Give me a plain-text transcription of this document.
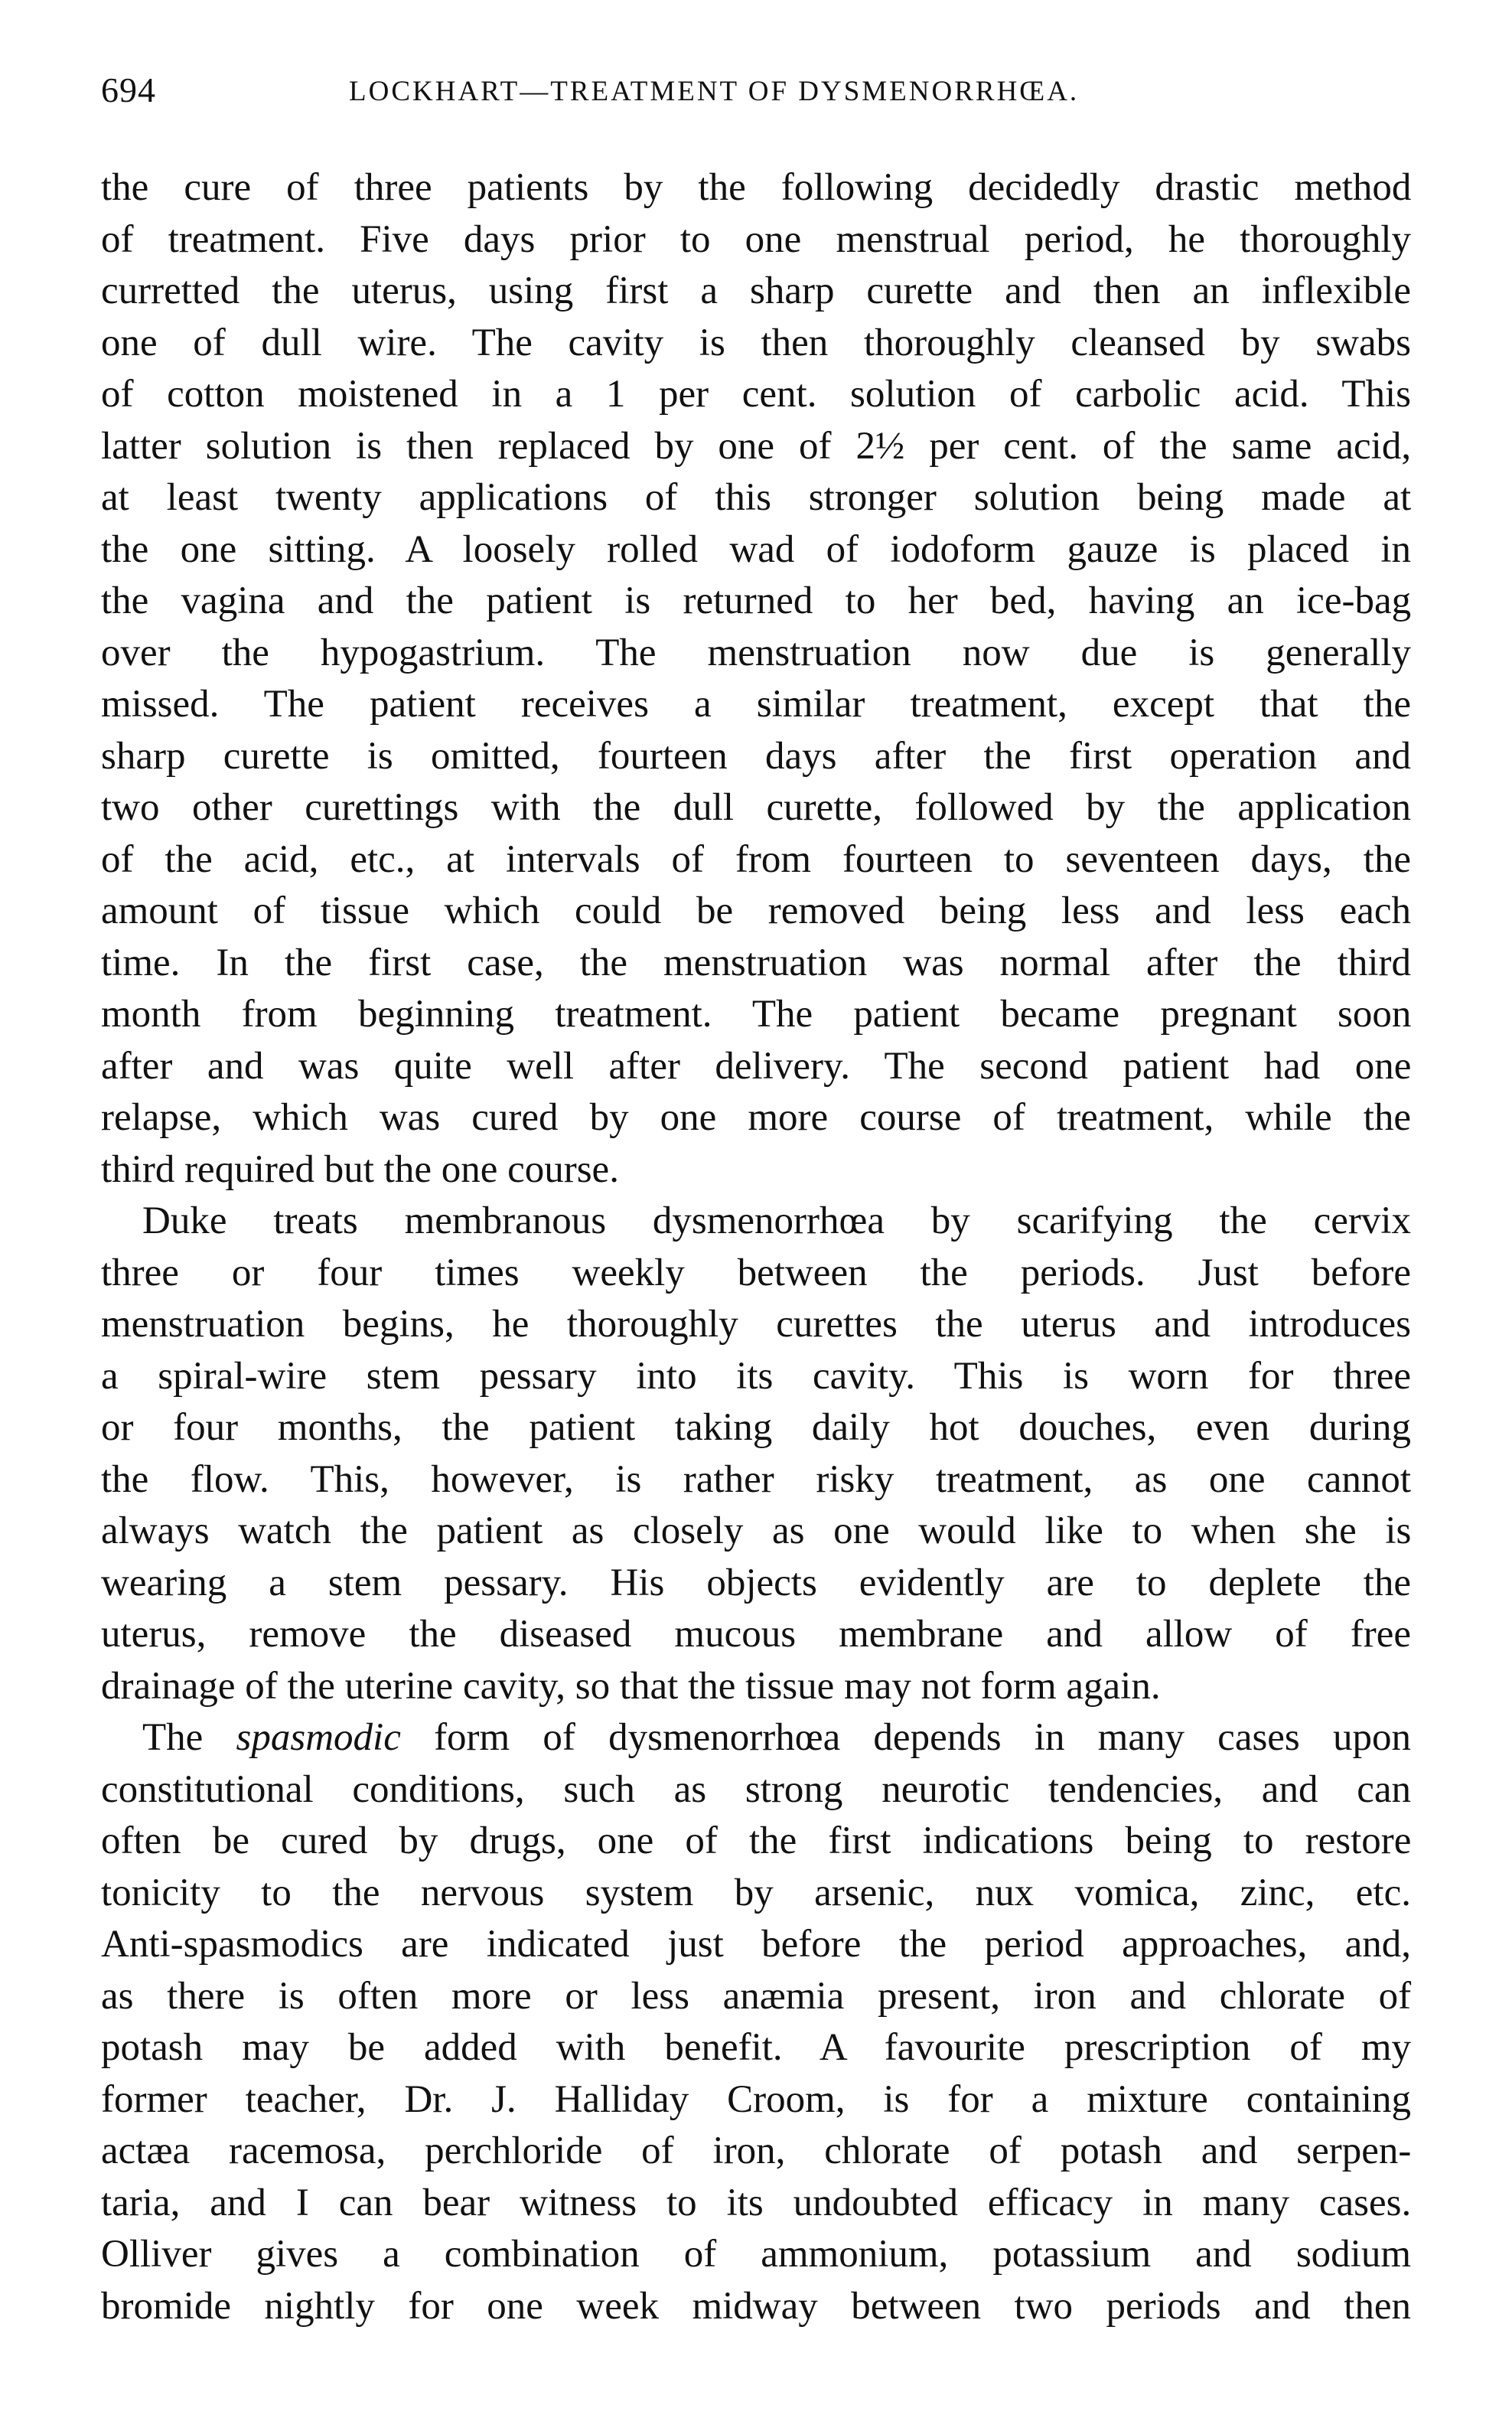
694	LOCKHART—TREATMENT OF DYSMENORRHŒA.
the cure of three patients by the following decidedly drastic method
of treatment. Five days prior to one menstrual period, he thoroughly
curretted the uterus, using first a sharp curette and then an inflexible
one of dull wire. The cavity is then thoroughly cleansed by swabs
of cotton moistened in a 1 per cent. solution of carbolic acid. This
latter solution is then replaced by one of 2½ per cent. of the same acid,
at least twenty applications of this stronger solution being made at
the one sitting. A loosely rolled wad of iodoform gauze is placed in
the vagina and the patient is returned to her bed, having an ice-bag
over the hypogastrium. The menstruation now due is generally
missed. The patient receives a similar treatment, except that the
sharp curette is omitted, fourteen days after the first operation and
two other curettings with the dull curette, followed by the application
of the acid, etc., at intervals of from fourteen to seventeen days, the
amount of tissue which could be removed being less and less each
time. In the first case, the menstruation was normal after the third
month from beginning treatment. The patient became pregnant soon
after and was quite well after delivery. The second patient had one
relapse, which was cured by one more course of treatment, while the
third required but the one course.
Duke treats membranous dysmenorrhœa by scarifying the cervix
three or four times weekly between the periods. Just before
menstruation begins, he thoroughly curettes the uterus and introduces
a spiral-wire stem pessary into its cavity. This is worn for three
or four months, the patient taking daily hot douches, even during
the flow. This, however, is rather risky treatment, as one cannot
always watch the patient as closely as one would like to when she is
wearing a stem pessary. His objects evidently are to deplete the
uterus, remove the diseased mucous membrane and allow of free
drainage of the uterine cavity, so that the tissue may not form again.
The spasmodic form of dysmenorrhœa depends in many cases upon
constitutional conditions, such as strong neurotic tendencies, and can
often be cured by drugs, one of the first indications being to restore
tonicity to the nervous system by arsenic, nux vomica, zinc, etc.
Anti-spasmodics are indicated just before the period approaches, and,
as there is often more or less anæmia present, iron and chlorate of
potash may be added with benefit. A favourite prescription of my
former teacher, Dr. J. Halliday Croom, is for a mixture containing
actæa racemosa, perchloride of iron, chlorate of potash and serpen-
taria, and I can bear witness to its undoubted efficacy in many cases.
Olliver gives a combination of ammonium, potassium and sodium
bromide nightly for one week midway between two periods and then
